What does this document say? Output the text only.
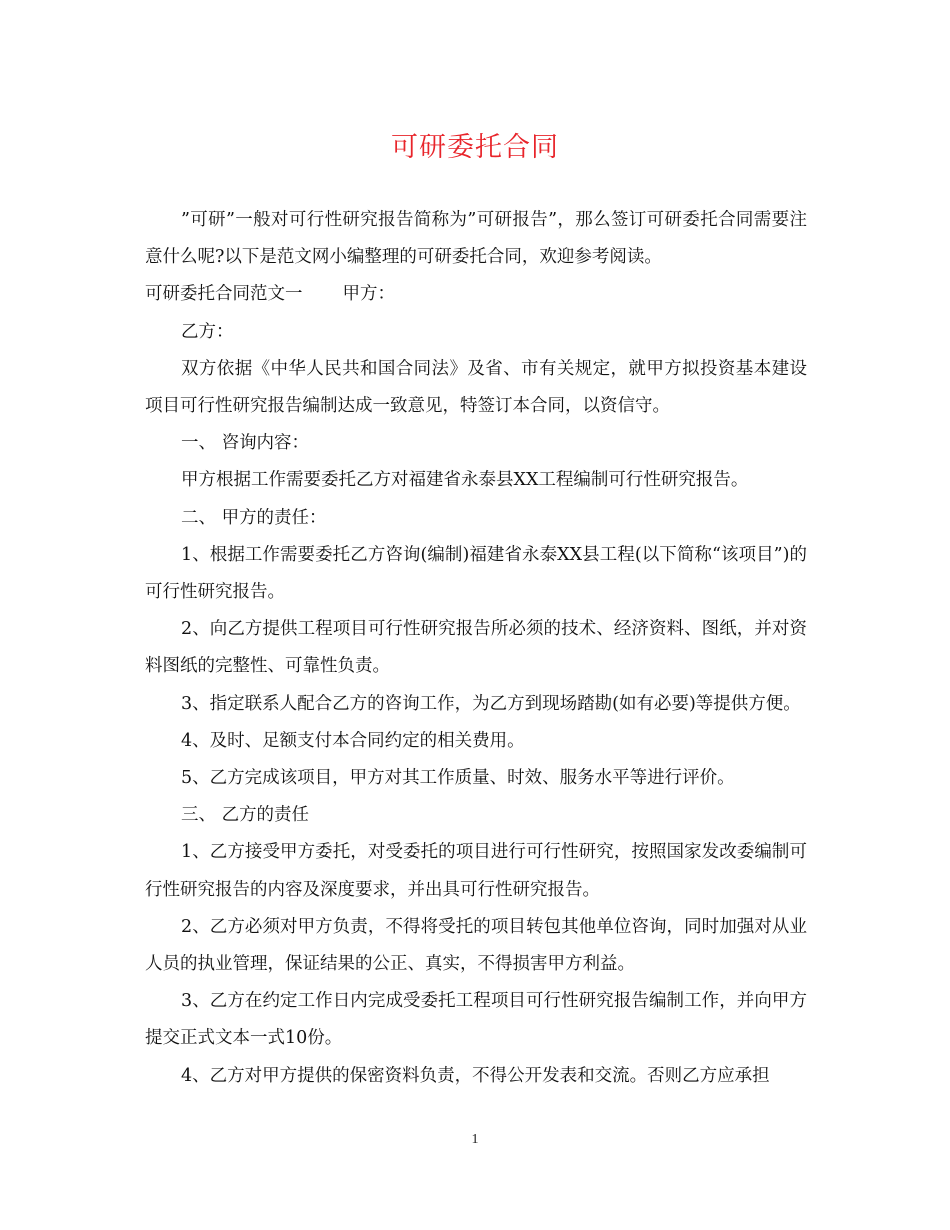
可研委托合同

”可研”一般对可行性研究报告简称为”可研报告”，那么签订可研委托合同需要注意什么呢?以下是范文网小编整理的可研委托合同，欢迎参考阅读。

可研委托合同范文一 甲方：

乙方：

双方依据《中华人民共和国合同法》及省、市有关规定，就甲方拟投资基本建设项目可行性研究报告编制达成一致意见，特签订本合同，以资信守。

一、 咨询内容：

甲方根据工作需要委托乙方对福建省永泰县XX工程编制可行性研究报告。

二、 甲方的责任：

1、根据工作需要委托乙方咨询(编制)福建省永泰XX县工程(以下简称“该项目”)的可行性研究报告。

2、向乙方提供工程项目可行性研究报告所必须的技术、经济资料、图纸，并对资料图纸的完整性、可靠性负责。

3、指定联系人配合乙方的咨询工作，为乙方到现场踏勘(如有必要)等提供方便。

4、及时、足额支付本合同约定的相关费用。

5、乙方完成该项目，甲方对其工作质量、时效、服务水平等进行评价。

三、 乙方的责任

1、乙方接受甲方委托，对受委托的项目进行可行性研究，按照国家发改委编制可行性研究报告的内容及深度要求，并出具可行性研究报告。

2、乙方必须对甲方负责，不得将受托的项目转包其他单位咨询，同时加强对从业人员的执业管理，保证结果的公正、真实，不得损害甲方利益。

3、乙方在约定工作日内完成受委托工程项目可行性研究报告编制工作，并向甲方提交正式文本一式10份。

4、乙方对甲方提供的保密资料负责，不得公开发表和交流。否则乙方应承担

1
